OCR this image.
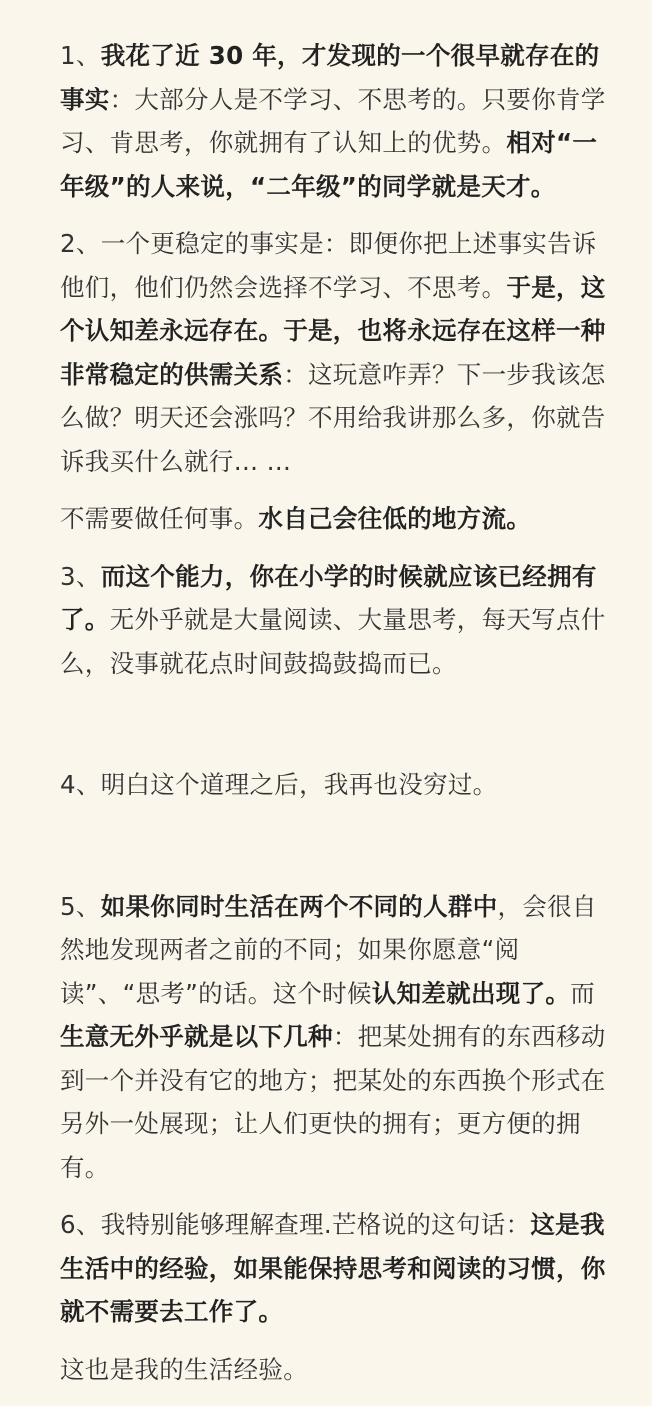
1、我花了近 30 年，才发现的一个很早就存在的事实：大部分人是不学习、不思考的。只要你肯学习、肯思考，你就拥有了认知上的优势。相对“一年级”的人来说，“二年级”的同学就是天才。

2、一个更稳定的事实是：即便你把上述事实告诉他们，他们仍然会选择不学习、不思考。于是，这个认知差永远存在。于是，也将永远存在这样一种非常稳定的供需关系：这玩意咋弄？下一步我该怎么做？明天还会涨吗？不用给我讲那么多，你就告诉我买什么就行… …

不需要做任何事。水自己会往低的地方流。

3、而这个能力，你在小学的时候就应该已经拥有了。无外乎就是大量阅读、大量思考，每天写点什么，没事就花点时间鼓捣鼓捣而已。

4、明白这个道理之后，我再也没穷过。

5、如果你同时生活在两个不同的人群中，会很自然地发现两者之前的不同；如果你愿意“阅读”、“思考”的话。这个时候认知差就出现了。而生意无外乎就是以下几种：把某处拥有的东西移动到一个并没有它的地方；把某处的东西换个形式在另外一处展现；让人们更快的拥有；更方便的拥有。

6、我特别能够理解查理.芒格说的这句话：这是我生活中的经验，如果能保持思考和阅读的习惯，你就不需要去工作了。

这也是我的生活经验。
